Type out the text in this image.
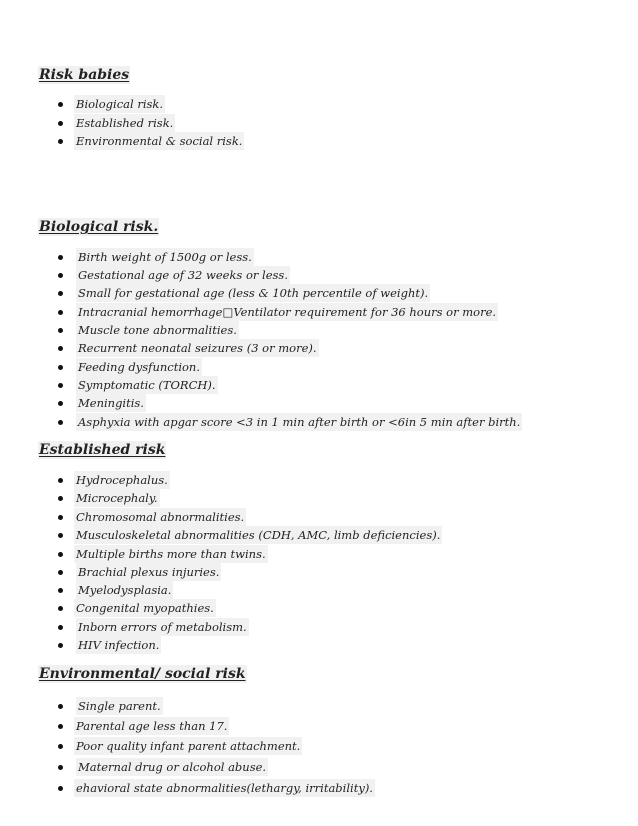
Risk babies
Biological risk.
Established risk.
Environmental & social risk.
Biological risk.
Birth weight of 1500g or less.
Gestational age of 32 weeks or less.
Small for gestational age (less & 10th percentile of weight).
Intracranial hemorrhage□Ventilator requirement for 36 hours or more.
Muscle tone abnormalities.
Recurrent neonatal seizures (3 or more).
Feeding dysfunction.
Symptomatic (TORCH).
Meningitis.
Asphyxia with apgar score <3 in 1 min after birth or <6in 5 min after birth.
Established risk
Hydrocephalus.
Microcephaly.
Chromosomal abnormalities.
Musculoskeletal abnormalities (CDH, AMC, limb deficiencies).
Multiple births more than twins.
Brachial plexus injuries.
Myelodysplasia.
Congenital myopathies.
Inborn errors of metabolism.
HIV infection.
Environmental/ social risk
Single parent.
Parental age less than 17.
Poor quality infant parent attachment.
Maternal drug or alcohol abuse.
ehavioral state abnormalities(lethargy, irritability).
